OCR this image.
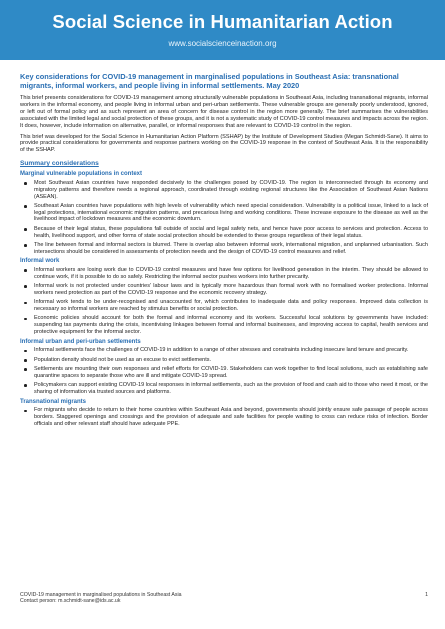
Social Science in Humanitarian Action
www.socialscienceinaction.org
Key considerations for COVID-19 management in marginalised populations in Southeast Asia: transnational migrants, informal workers, and people living in informal settlements. May 2020

This brief presents considerations for COVID-19 management among structurally vulnerable populations in Southeast Asia, including transnational migrants, informal workers in the informal economy, and people living in informal urban and peri-urban settlements. These vulnerable groups are generally poorly understood, ignored, or left out of formal policy and as such represent an area of concern for disease control in the region more generally. The brief summarises the vulnerabilities associated with the limited legal and social protection of these groups, and it is not a systematic study of COVID-19 control measures and impacts across the region. It does, however, include information on alternative, parallel, or informal responses that are relevant to COVID-19 control in the region.

This brief was developed for the Social Science in Humanitarian Action Platform (SSHAP) by the Institute of Development Studies (Megan Schmidt-Sane). It aims to provide practical considerations for governments and response partners working on the COVID-19 response in the context of Southeast Asia. It is the responsibility of the SSHAP.

Summary considerations
Marginal vulnerable populations in context
Most Southeast Asian countries have responded decisively to the challenges posed by COVID-19. The region is interconnected through its economy and migratory patterns and therefore needs a regional approach, coordinated through existing regional structures like the Association of Southeast Asian Nations (ASEAN).
Southeast Asian countries have populations with high levels of vulnerability which need special consideration. Vulnerability is a political issue, linked to a lack of legal protections, international economic migration patterns, and precarious living and working conditions. These increase exposure to the disease as well as the livelihood impact of lockdown measures and the economic downturn.
Because of their legal status, these populations fall outside of social and legal safety nets, and hence have poor access to services and protection. Access to health, livelihood support, and other forms of state social protection should be extended to these groups regardless of their legal status.
The line between formal and informal sectors is blurred. There is overlap also between informal work, international migration, and unplanned urbanisation. Such intersections should be considered in assessments of protection needs and the design of COVID-19 control measures and relief.
Informal work
Informal workers are losing work due to COVID-19 control measures and have few options for livelihood generation in the interim. They should be allowed to continue work, if it is possible to do so safely. Restricting the informal sector pushes workers into further precarity.
Informal work is not protected under countries' labour laws and is typically more hazardous than formal work with no formalised worker protections. Informal workers need protection as part of the COVID-19 response and the economic recovery strategy.
Informal work tends to be under-recognised and unaccounted for, which contributes to inadequate data and policy responses. Improved data collection is necessary so informal workers are reached by stimulus benefits or social protection.
Economic policies should account for both the formal and informal economy and its workers. Successful local solutions by governments have included: suspending tax payments during the crisis, incentivising linkages between formal and informal businesses, and improving access to capital, health services and protective equipment for the informal sector.
Informal urban and peri-urban settlements
Informal settlements face the challenges of COVID-19 in addition to a range of other stresses and constraints including insecure land tenure and precarity.
Population density should not be used as an excuse to evict settlements.
Settlements are mounting their own responses and relief efforts for COVID-19. Stakeholders can work together to find local solutions, such as establishing safe quarantine spaces to separate those who are ill and mitigate COVID-19 spread.
Policymakers can support existing COVID-19 local responses in informal settlements, such as the provision of food and cash aid to those who need it most, or the sharing of information via trusted sources and platforms.
Transnational migrants
For migrants who decide to return to their home countries within Southeast Asia and beyond, governments should jointly ensure safe passage of people across borders. Staggered openings and crossings and the provision of adequate and safe facilities for people waiting to cross can reduce risks of infection. Border officials and other relevant staff should have adequate PPE.
COVID-19 management in marginalised populations in Southeast Asia
Contact person: m.schmidt-sane@ids.ac.uk
1
